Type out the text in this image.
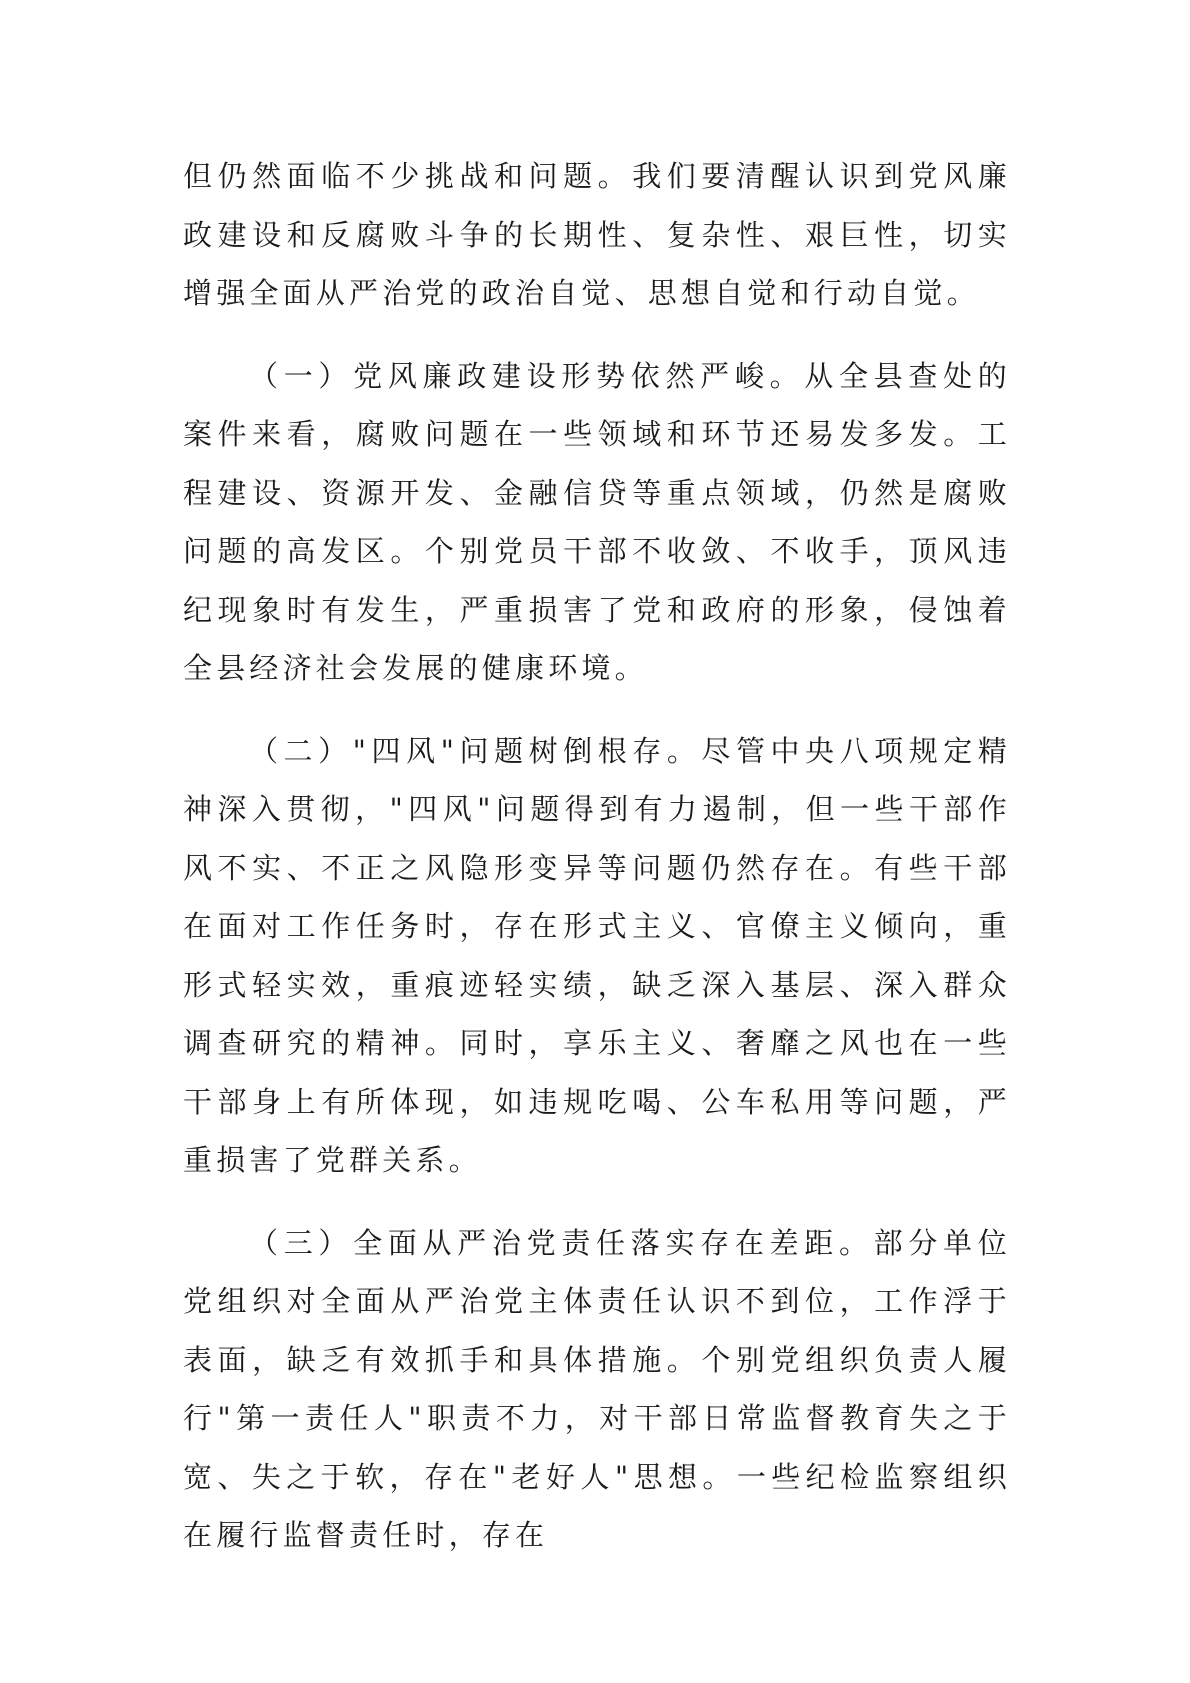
但仍然面临不少挑战和问题。我们要清醒认识到党风廉政建设和反腐败斗争的长期性、复杂性、艰巨性，切实增强全面从严治党的政治自觉、思想自觉和行动自觉。

（一）党风廉政建设形势依然严峻。从全县查处的案件来看，腐败问题在一些领域和环节还易发多发。工程建设、资源开发、金融信贷等重点领域，仍然是腐败问题的高发区。个别党员干部不收敛、不收手，顶风违纪现象时有发生，严重损害了党和政府的形象，侵蚀着全县经济社会发展的健康环境。

（二）"四风"问题树倒根存。尽管中央八项规定精神深入贯彻，"四风"问题得到有力遏制，但一些干部作风不实、不正之风隐形变异等问题仍然存在。有些干部在面对工作任务时，存在形式主义、官僚主义倾向，重形式轻实效，重痕迹轻实绩，缺乏深入基层、深入群众调查研究的精神。同时，享乐主义、奢靡之风也在一些干部身上有所体现，如违规吃喝、公车私用等问题，严重损害了党群关系。

（三）全面从严治党责任落实存在差距。部分单位党组织对全面从严治党主体责任认识不到位，工作浮于表面，缺乏有效抓手和具体措施。个别党组织负责人履行"第一责任人"职责不力，对干部日常监督教育失之于宽、失之于软，存在"老好人"思想。一些纪检监察组织在履行监督责任时，存在
